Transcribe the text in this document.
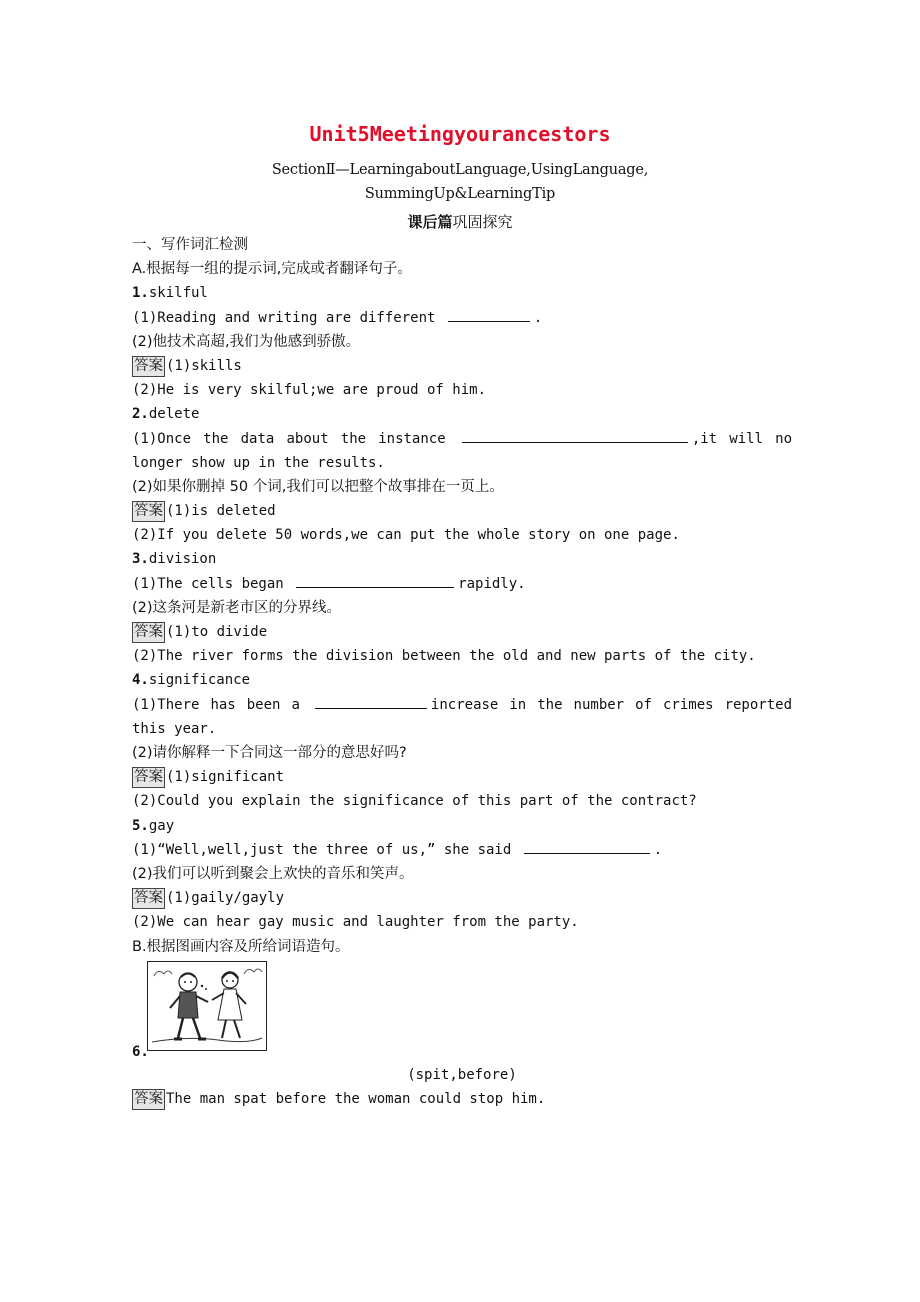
Unit5Meetingyourancestors
SectionⅡ—LearningaboutLanguage,UsingLanguage,
SummingUp&LearningTip
课后篇巩固探究
一、写作词汇检测
A.根据每一组的提示词,完成或者翻译句子。
1.skilful
(1)Reading and writing are different	.
(2)他技术高超,我们为他感到骄傲。
答案 (1)skills
(2)He is very skilful;we are proud of him.
2.delete
(1)Once the data about the instance	,it will no longer show up in the results.
(2)如果你删掉 50 个词,我们可以把整个故事排在一页上。
答案 (1)is deleted
(2)If you delete 50 words,we can put the whole story on one page.
3.division
(1)The cells began	rapidly.
(2)这条河是新老市区的分界线。
答案 (1)to divide
(2)The river forms the division between the old and new parts of the city.
4.significance
(1)There has been a	increase in the number of crimes reported this year.
(2)请你解释一下合同这一部分的意思好吗?
答案 (1)significant
(2)Could you explain the significance of this part of the contract?
5.gay
(1)“Well,well,just the three of us,” she said	.
(2)我们可以听到聚会上欢快的音乐和笑声。
答案 (1)gaily/gayly
(2)We can hear gay music and laughter from the party.
B.根据图画内容及所给词语造句。
6.
(spit,before)
答案 The man spat before the woman could stop him.
